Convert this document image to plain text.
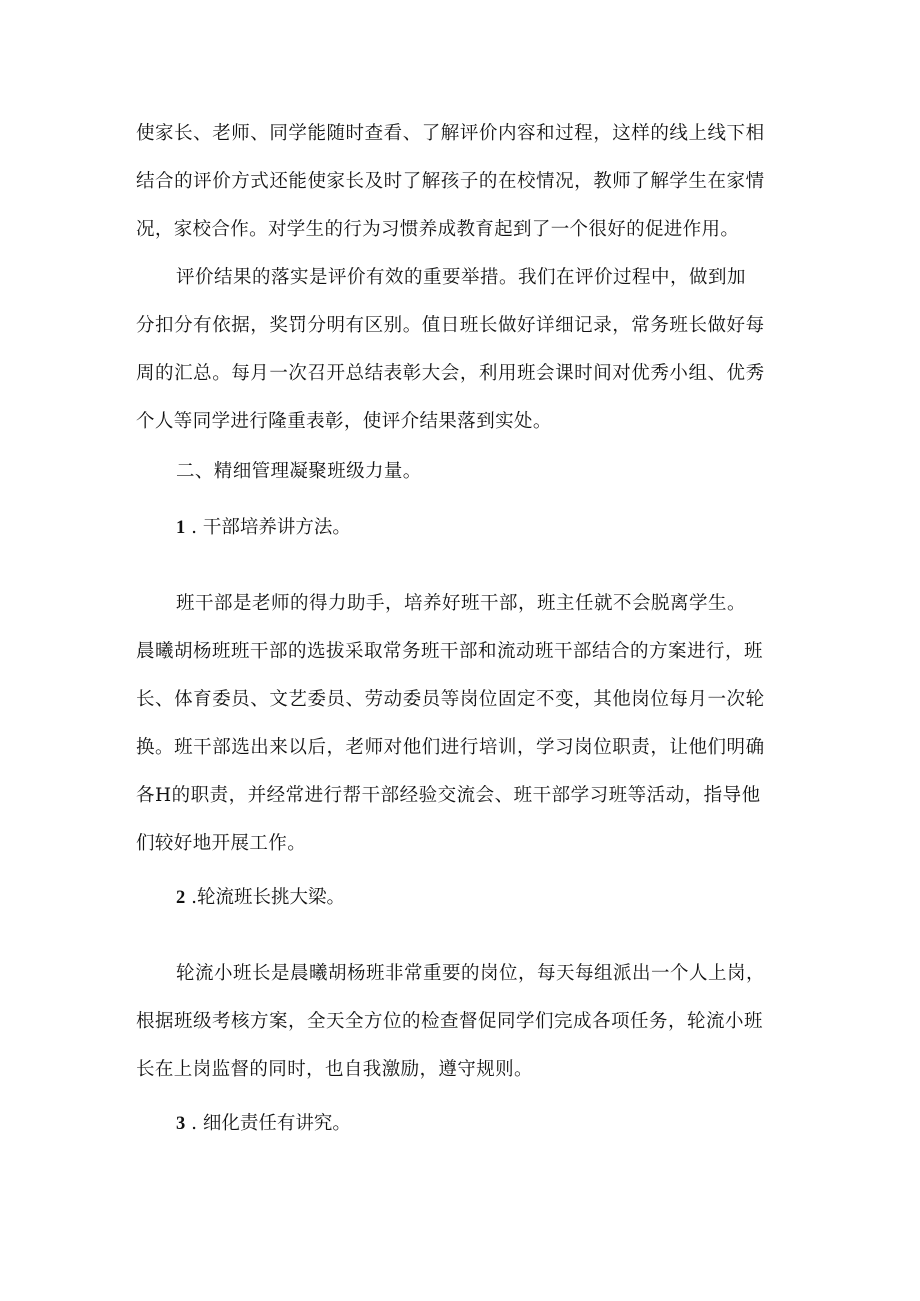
使家长、老师、同学能随时查看、了解评价内容和过程，这样的线上线下相
结合的评价方式还能使家长及时了解孩子的在校情况，教师了解学生在家情
况，家校合作。对学生的行为习惯养成教育起到了一个很好的促进作用。
评价结果的落实是评价有效的重要举措。我们在评价过程中，做到加
分扣分有依据，奖罚分明有区别。值日班长做好详细记录，常务班长做好每
周的汇总。每月一次召开总结表彰大会，利用班会课时间对优秀小组、优秀
个人等同学进行隆重表彰，使评介结果落到实处。
二、精细管理凝聚班级力量。
1 . 干部培养讲方法。
班干部是老师的得力助手，培养好班干部，班主任就不会脱离学生。
晨曦胡杨班班干部的选拔采取常务班干部和流动班干部结合的方案进行，班
长、体育委员、文艺委员、劳动委员等岗位固定不变，其他岗位每月一次轮
换。班干部选出来以后，老师对他们进行培训，学习岗位职责，让他们明确
各H的职责，并经常进行帮干部经验交流会、班干部学习班等活动，指导他
们较好地开展工作。
2 .轮流班长挑大梁。
轮流小班长是晨曦胡杨班非常重要的岗位，每天每组派出一个人上岗，
根据班级考核方案，全天全方位的检查督促同学们完成各项任务，轮流小班
长在上岗监督的同时，也自我激励，遵守规则。
3 . 细化责任有讲究。
